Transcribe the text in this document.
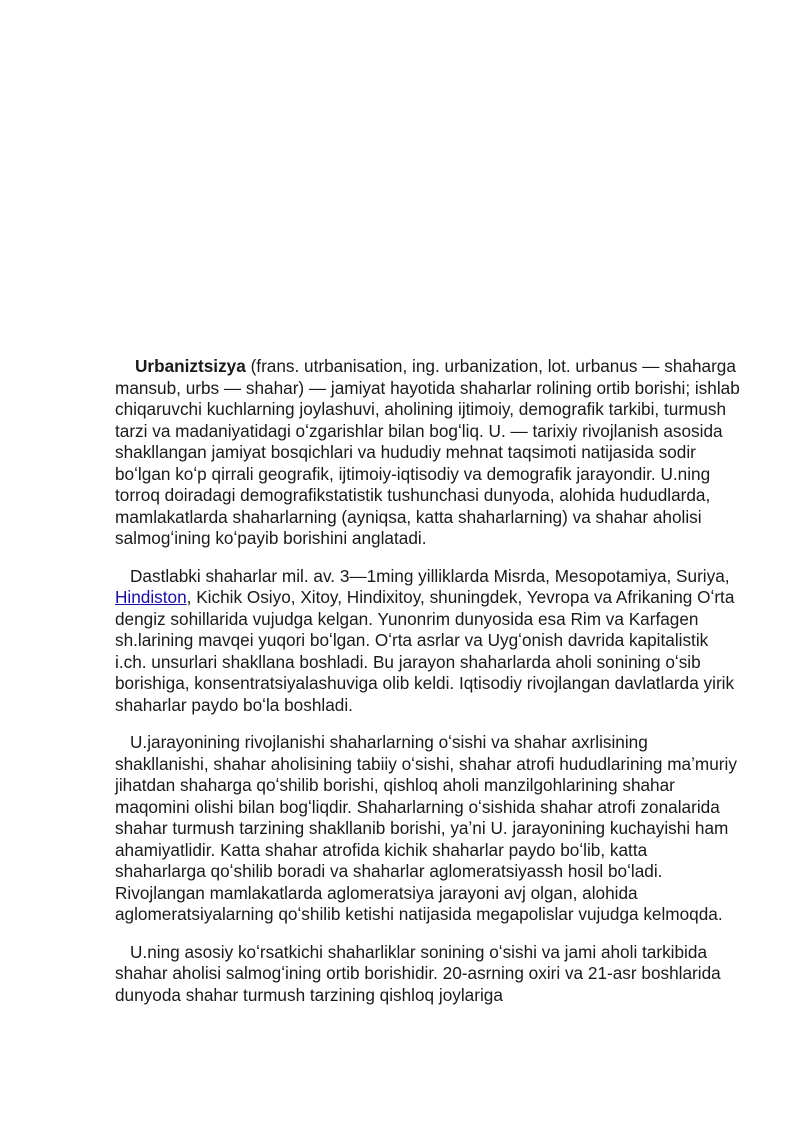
Urbaniztsizya (frans. utrbanisation, ing. urbanization, lot. urbanus — shaharga mansub, urbs — shahar) — jamiyat hayotida shaharlar rolining ortib borishi; ishlab chiqaruvchi kuchlarning joylashuvi, aholining ijtimoiy, demografik tarkibi, turmush tarzi va madaniyatidagi oʻzgarishlar bilan bogʻliq. U. — tarixiy rivojlanish asosida shakllangan jamiyat bosqichlari va hududiy mehnat taqsimoti natijasida sodir boʻlgan koʻp qirrali geografik, ijtimoiy-iqtisodiy va demografik jarayondir. U.ning torroq doiradagi demografikstatistik tushunchasi dunyoda, alohida hududlarda, mamlakatlarda shaharlarning (ayniqsa, katta shaharlarning) va shahar aholisi salmogʻining koʻpayib borishini anglatadi.

Dastlabki shaharlar mil. av. 3—1ming yilliklarda Misrda, Mesopotamiya, Suriya, Hindiston, Kichik Osiyo, Xitoy, Hindixitoy, shuningdek, Yevropa va Afrikaning Oʻrta dengiz sohillarida vujudga kelgan. Yunonrim dunyosida esa Rim va Karfagen sh.larining mavqei yuqori boʻlgan. Oʻrta asrlar va Uygʻonish davrida kapitalistik i.ch. unsurlari shakllana boshladi. Bu jarayon shaharlarda aholi sonining oʻsib borishiga, konsentratsiyalashuviga olib keldi. Iqtisodiy rivojlangan davlatlarda yirik shaharlar paydo boʻla boshladi.

U.jarayonining rivojlanishi shaharlarning oʻsishi va shahar axrlisining shakllanishi, shahar aholisining tabiiy oʻsishi, shahar atrofi hududlarining maʼmuriy jihatdan shaharga qoʻshilib borishi, qishloq aholi manzilgohlarining shahar maqomini olishi bilan bogʻliqdir. Shaharlarning oʻsishida shahar atrofi zonalarida shahar turmush tarzining shakllanib borishi, yaʼni U. jarayonining kuchayishi ham ahamiyatlidir. Katta shahar atrofida kichik shaharlar paydo boʻlib, katta shaharlarga qoʻshilib boradi va shaharlar aglomeratsiyassh hosil boʻladi. Rivojlangan mamlakatlarda aglomeratsiya jarayoni avj olgan, alohida aglomeratsiyalarning qoʻshilib ketishi natijasida megapolislar vujudga kelmoqda.

U.ning asosiy koʻrsatkichi shaharliklar sonining oʻsishi va jami aholi tarkibida shahar aholisi salmogʻining ortib borishidir. 20-asrning oxiri va 21-asr boshlarida dunyoda shahar turmush tarzining qishloq joylariga
